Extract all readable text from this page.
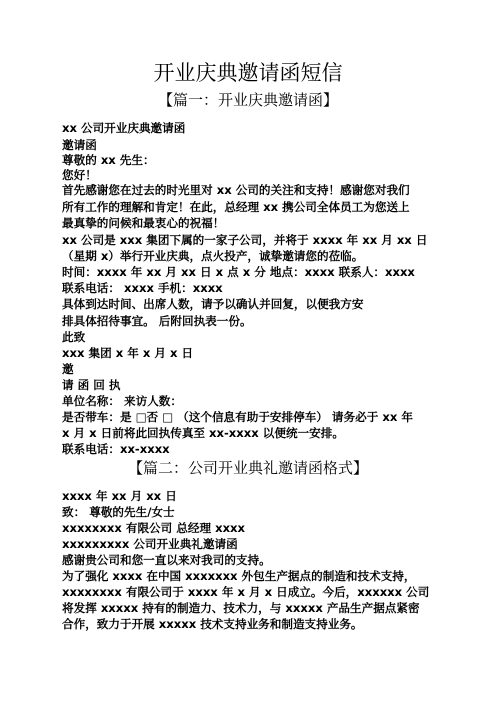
开业庆典邀请函短信
【篇一：开业庆典邀请函】
xx 公司开业庆典邀请函
邀请函
尊敬的 xx 先生：
您好！
首先感谢您在过去的时光里对 xx 公司的关注和支持！感谢您对我们
所有工作的理解和肯定！在此，总经理 xx 携公司全体员工为您送上
最真挚的问候和最衷心的祝福！
xx 公司是 xxx 集团下属的一家子公司，并将于 xxxx 年 xx 月 xx 日
（星期 x）举行开业庆典，点火投产，诚挚邀请您的莅临。
时间：xxxx 年 xx 月 xx 日 x 点 x 分 地点：xxxx 联系人：xxxx
联系电话： xxxx 手机：xxxx
具体到达时间、出席人数，请予以确认并回复，以便我方安
排具体招待事宜。 后附回执表一份。
此致
xxx 集团 x 年 x 月 x 日
邀
请 函 回 执
单位名称： 来访人数：
是否带车：是 □否 □ （这个信息有助于安排停车） 请务必于 xx 年
x 月 x 日前将此回执传真至 xx-xxxx 以便统一安排。
联系电话：xx-xxxx
【篇二：公司开业典礼邀请函格式】
xxxx 年 xx 月 xx 日
致： 尊敬的先生/女士
xxxxxxxx 有限公司 总经理 xxxx
xxxxxxxxx 公司开业典礼邀请函
感谢贵公司和您一直以来对我司的支持。
为了强化 xxxx 在中国 xxxxxxx 外包生产据点的制造和技术支持，
xxxxxxxx 有限公司于 xxxx 年 x 月 x 日成立。今后，xxxxxx 公司
将发挥 xxxxx 持有的制造力、技术力，与 xxxxx 产品生产据点紧密
合作，致力于开展 xxxxx 技术支持业务和制造支持业务。
